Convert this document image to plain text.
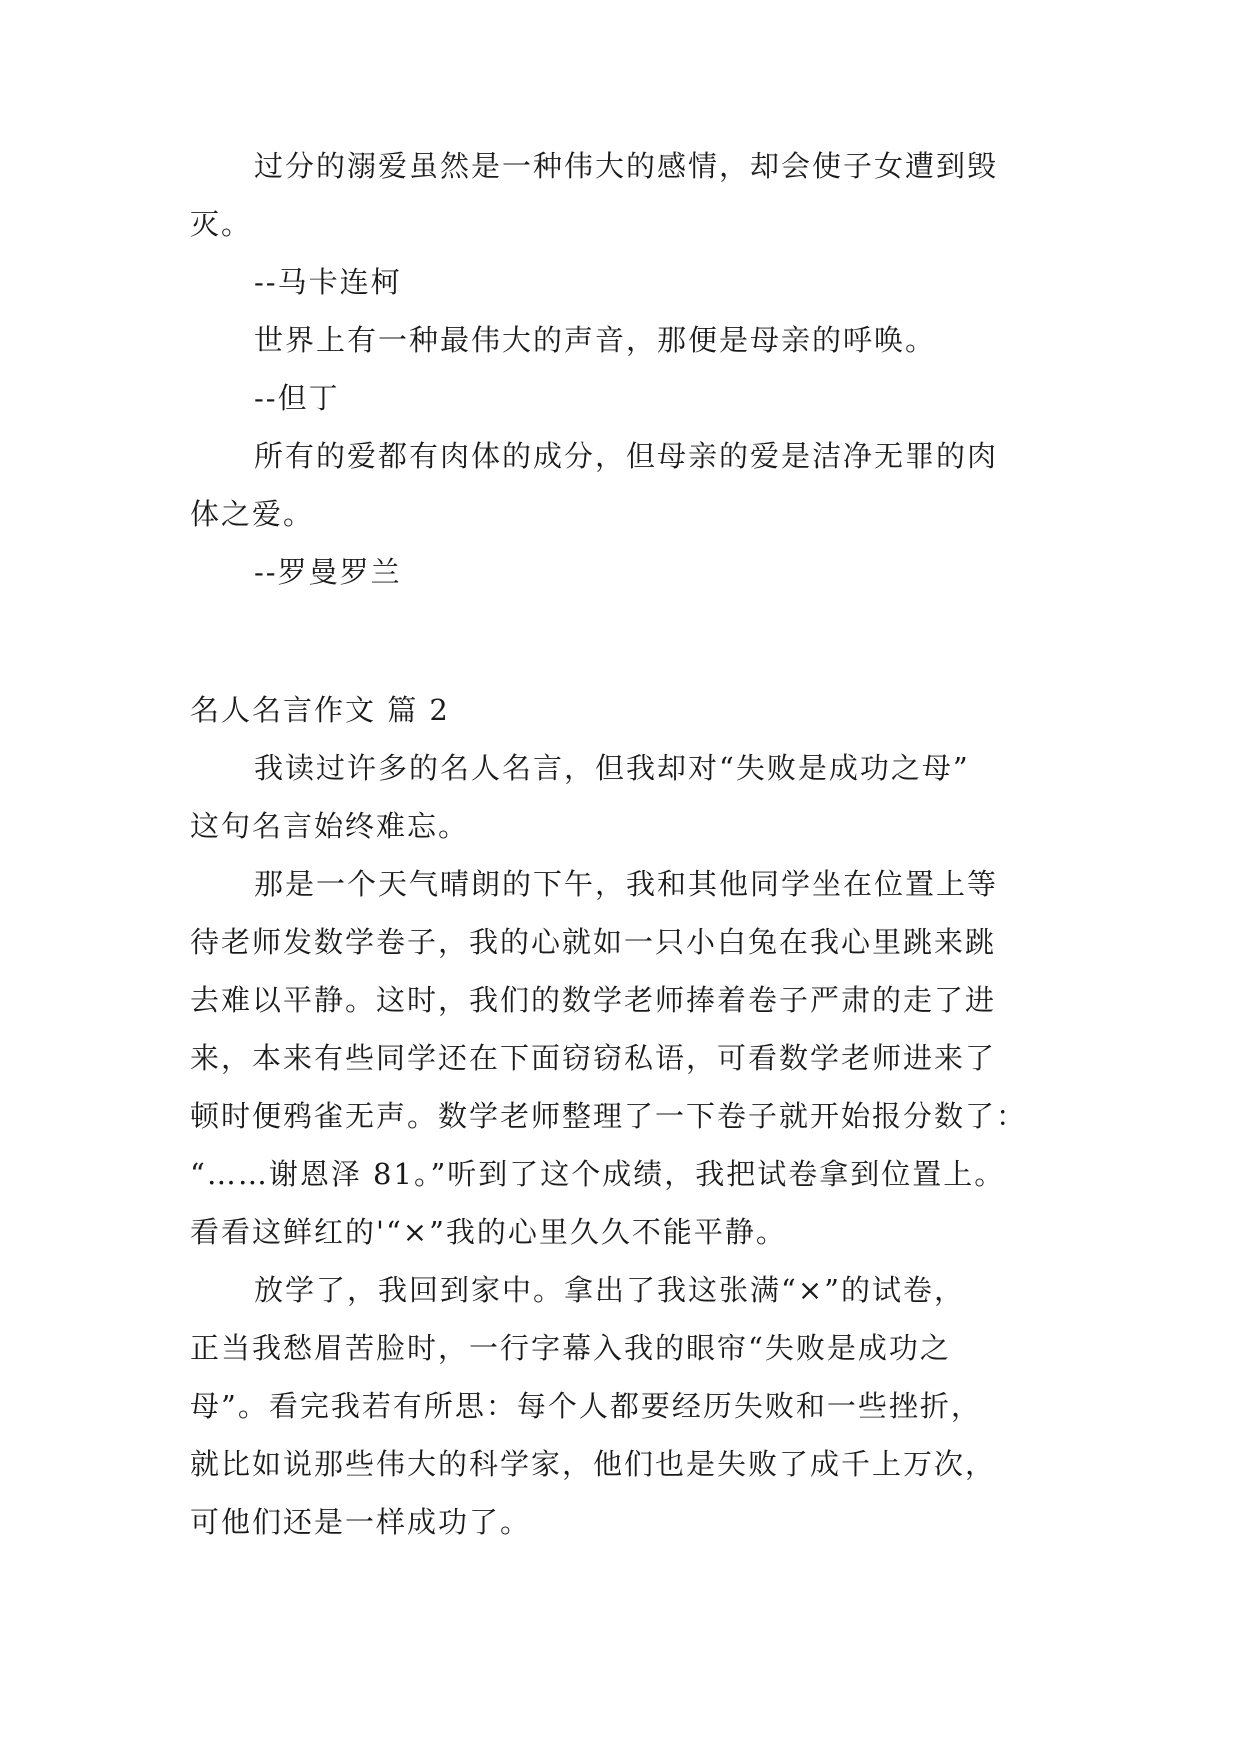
过分的溺爱虽然是一种伟大的感情，却会使子女遭到毁
灭。
--马卡连柯
世界上有一种最伟大的声音，那便是母亲的呼唤。
--但丁
所有的爱都有肉体的成分，但母亲的爱是洁净无罪的肉
体之爱。
--罗曼罗兰
名人名言作文 篇 2
我读过许多的名人名言，但我却对“失败是成功之母”
这句名言始终难忘。
那是一个天气晴朗的下午，我和其他同学坐在位置上等
待老师发数学卷子，我的心就如一只小白兔在我心里跳来跳
去难以平静。这时，我们的数学老师捧着卷子严肃的走了进
来，本来有些同学还在下面窃窃私语，可看数学老师进来了
顿时便鸦雀无声。数学老师整理了一下卷子就开始报分数了：
“……谢恩泽 81。”听到了这个成绩，我把试卷拿到位置上。
看看这鲜红的'“×”我的心里久久不能平静。
放学了，我回到家中。拿出了我这张满“×”的试卷，
正当我愁眉苦脸时，一行字幕入我的眼帘“失败是成功之
母”。看完我若有所思：每个人都要经历失败和一些挫折，
就比如说那些伟大的科学家，他们也是失败了成千上万次，
可他们还是一样成功了。
